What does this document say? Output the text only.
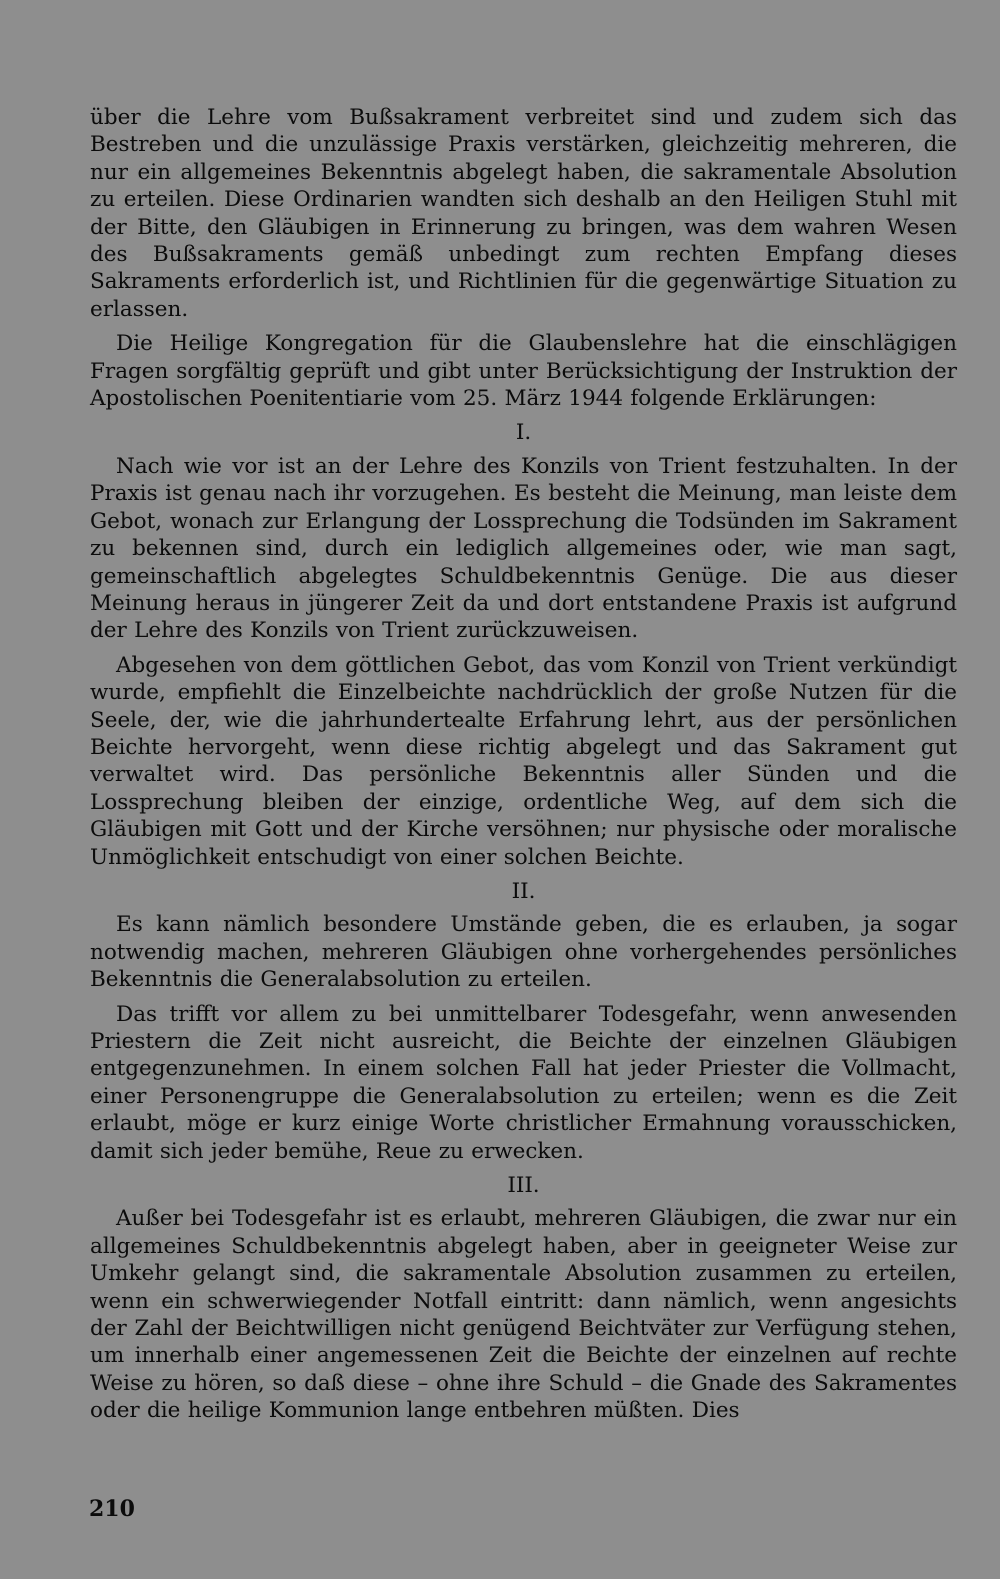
über die Lehre vom Bußsakrament verbreitet sind und zudem sich das Bestreben und die unzulässige Praxis verstärken, gleichzeitig mehreren, die nur ein allgemeines Bekenntnis abgelegt haben, die sakramentale Absolution zu erteilen. Diese Ordinarien wandten sich deshalb an den Heiligen Stuhl mit der Bitte, den Gläubigen in Erinnerung zu bringen, was dem wahren Wesen des Bußsakraments gemäß unbedingt zum rechten Empfang dieses Sakraments erforderlich ist, und Richtlinien für die gegenwärtige Situation zu erlassen.

Die Heilige Kongregation für die Glaubenslehre hat die einschlägigen Fragen sorgfältig geprüft und gibt unter Berücksichtigung der Instruktion der Apostolischen Poenitentiarie vom 25. März 1944 folgende Erklärungen:

I.

Nach wie vor ist an der Lehre des Konzils von Trient festzuhalten. In der Praxis ist genau nach ihr vorzugehen. Es besteht die Meinung, man leiste dem Gebot, wonach zur Erlangung der Lossprechung die Todsünden im Sakrament zu bekennen sind, durch ein lediglich allgemeines oder, wie man sagt, gemeinschaftlich abgelegtes Schuldbekenntnis Genüge. Die aus dieser Meinung heraus in jüngerer Zeit da und dort entstandene Praxis ist aufgrund der Lehre des Konzils von Trient zurückzuweisen.

Abgesehen von dem göttlichen Gebot, das vom Konzil von Trient verkündigt wurde, empfiehlt die Einzelbeichte nachdrücklich der große Nutzen für die Seele, der, wie die jahrhundertealte Erfahrung lehrt, aus der persönlichen Beichte hervorgeht, wenn diese richtig abgelegt und das Sakrament gut verwaltet wird. Das persönliche Bekenntnis aller Sünden und die Lossprechung bleiben der einzige, ordentliche Weg, auf dem sich die Gläubigen mit Gott und der Kirche versöhnen; nur physische oder moralische Unmöglichkeit entschudigt von einer solchen Beichte.

II.

Es kann nämlich besondere Umstände geben, die es erlauben, ja sogar notwendig machen, mehreren Gläubigen ohne vorhergehendes persönliches Bekenntnis die Generalabsolution zu erteilen.

Das trifft vor allem zu bei unmittelbarer Todesgefahr, wenn anwesenden Priestern die Zeit nicht ausreicht, die Beichte der einzelnen Gläubigen entgegenzunehmen. In einem solchen Fall hat jeder Priester die Vollmacht, einer Personengruppe die Generalabsolution zu erteilen; wenn es die Zeit erlaubt, möge er kurz einige Worte christlicher Ermahnung vorausschicken, damit sich jeder bemühe, Reue zu erwecken.

III.

Außer bei Todesgefahr ist es erlaubt, mehreren Gläubigen, die zwar nur ein allgemeines Schuldbekenntnis abgelegt haben, aber in geeigneter Weise zur Umkehr gelangt sind, die sakramentale Absolution zusammen zu erteilen, wenn ein schwerwiegender Notfall eintritt: dann nämlich, wenn angesichts der Zahl der Beichtwilligen nicht genügend Beichtväter zur Verfügung stehen, um innerhalb einer angemessenen Zeit die Beichte der einzelnen auf rechte Weise zu hören, so daß diese – ohne ihre Schuld – die Gnade des Sakramentes oder die heilige Kommunion lange entbehren müßten. Dies

210
